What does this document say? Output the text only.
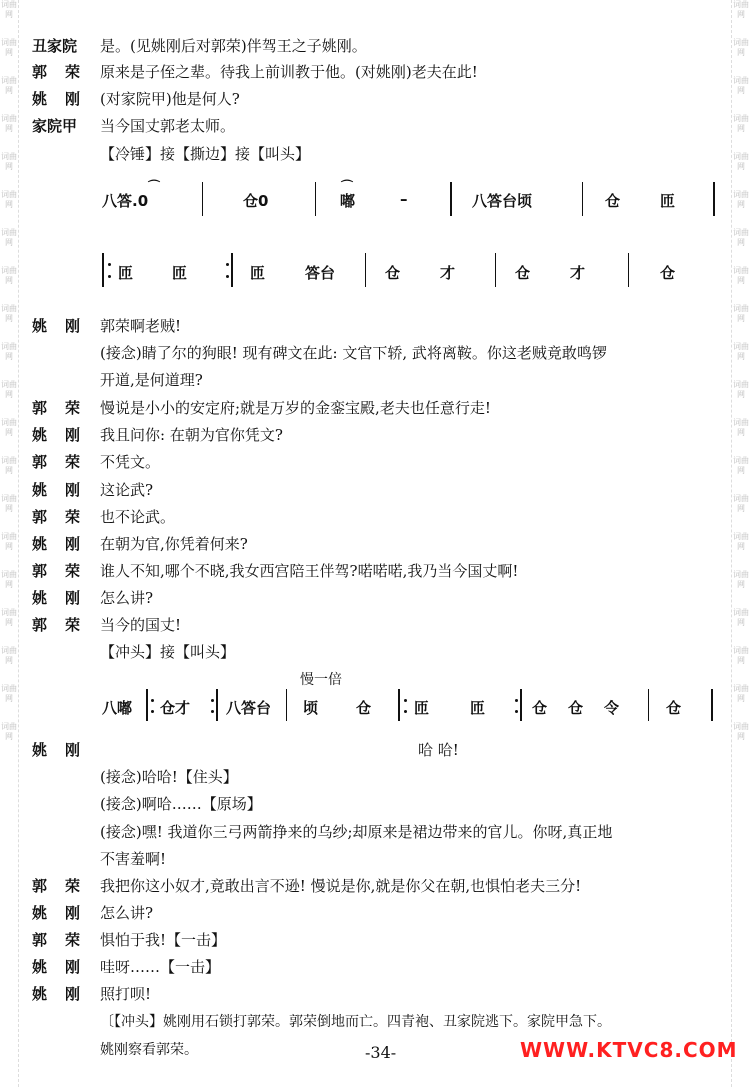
词曲网
词曲网
词曲网
词曲网
词曲网
词曲网
词曲网
词曲网
词曲网
词曲网
词曲网
词曲网
词曲网
词曲网
词曲网
词曲网
词曲网
词曲网
词曲网
词曲网
词曲网
词曲网
词曲网
词曲网
词曲网
词曲网
词曲网
词曲网
词曲网
词曲网
词曲网
词曲网
词曲网
词曲网
词曲网
词曲网
词曲网
词曲网
词曲网
词曲网
丑家院 是。(见姚刚后对郭荣)伴驾王之子姚刚。
郭荣 原来是子侄之辈。待我上前训教于他。(对姚刚)老夫在此!
姚刚 (对家院甲)他是何人?
家院甲 当今国丈郭老太师。
【冷锤】接【撕边】接【叫头】
⌒	⌒
八答.0	仓0	嘟	–	八答台顷	仓	匝
匝	匝	匝	答台	仓	才	仓	才	仓
姚刚 郭荣啊老贼!
(接念)睛了尔的狗眼! 现有碑文在此: 文官下轿, 武将离鞍。你这老贼竟敢鸣锣
开道,是何道理?
郭荣 慢说是小小的安定府;就是万岁的金銮宝殿,老夫也任意行走!
姚刚 我且问你: 在朝为官你凭文?
郭荣 不凭文。
姚刚 这论武?
郭荣 也不论武。
姚刚 在朝为官,你凭着何来?
郭荣 谁人不知,哪个不晓,我女西宫陪王伴驾?喏喏喏,我乃当今国丈啊!
姚刚 怎么讲?
郭荣 当今的国丈!
【冲头】接【叫头】
慢一倍
八嘟 仓才 八答台 顷	仓	匝	匝	仓 仓 令	仓
姚刚	哈 哈!
(接念)哈哈!【住头】
(接念)啊哈……【原场】
(接念)嘿! 我道你三弓两箭挣来的乌纱;却原来是裙边带来的官儿。你呀,真正地
不害羞啊!
郭荣 我把你这小奴才,竟敢出言不逊! 慢说是你,就是你父在朝,也惧怕老夫三分!
姚刚 怎么讲?
郭荣 惧怕于我!【一击】
姚刚 哇呀……【一击】
姚刚 照打呗!
〔【冲头】姚刚用石锁打郭荣。郭荣倒地而亡。四青袍、丑家院逃下。家院甲急下。
姚刚察看郭荣。	-34-	WWW.KTVC8.COM
